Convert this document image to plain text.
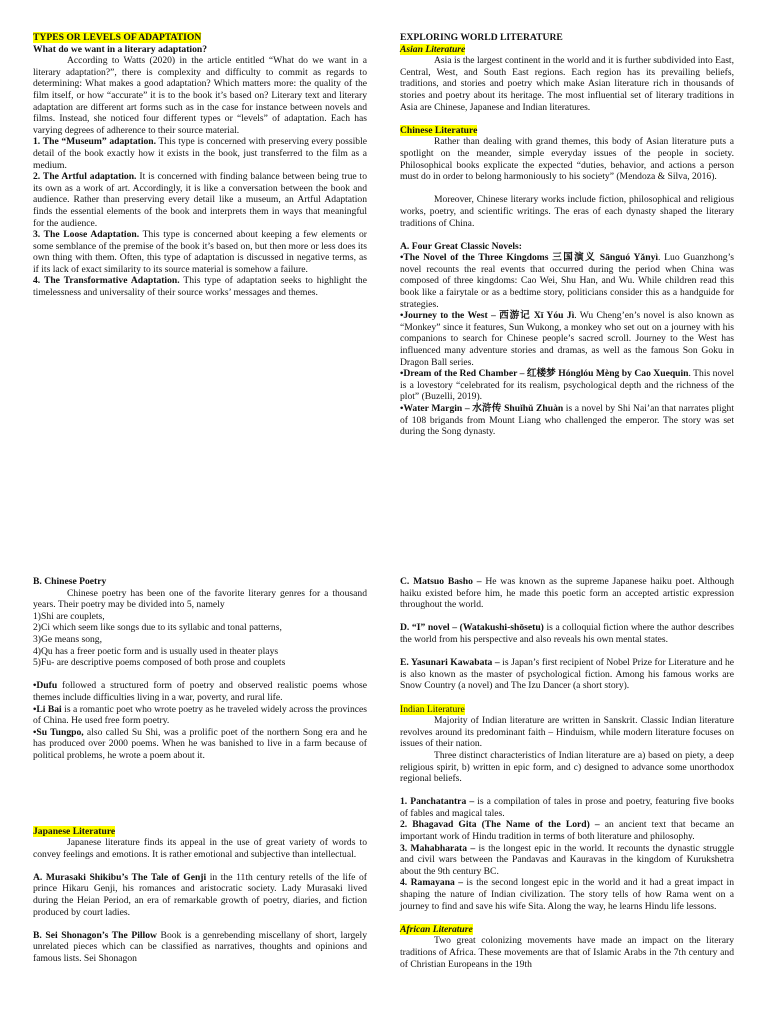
TYPES OR LEVELS OF ADAPTATION

What do we want in a literary adaptation?

According to Watts (2020) in the article entitled “What do we want in a literary adaptation?”, there is complexity and difficulty to commit as regards to determining: What makes a good adaptation? Which matters more: the quality of the film itself, or how “accurate” it is to the book it’s based on? Literary text and literary adaptation are different art forms such as in the case for instance between novels and films. Instead, she noticed four different types or “levels” of adaptation. Each has varying degrees of adherence to their source material.

1. The “Museum” adaptation. This type is concerned with preserving every possible detail of the book exactly how it exists in the book, just transferred to the film as a medium.

2. The Artful adaptation. It is concerned with finding balance between being true to its own as a work of art. Accordingly, it is like a conversation between the book and audience. Rather than preserving every detail like a museum, an Artful Adaptation finds the essential elements of the book and interprets them in ways that meaningful for the audience.

3. The Loose Adaptation. This type is concerned about keeping a few elements or some semblance of the premise of the book it’s based on, but then more or less does its own thing with them. Often, this type of adaptation is discussed in negative terms, as if its lack of exact similarity to its source material is somehow a failure.

4. The Transformative Adaptation. This type of adaptation seeks to highlight the timelessness and universality of their source works’ messages and themes.

EXPLORING WORLD LITERATURE

Asian Literature

Asia is the largest continent in the world and it is further subdivided into East, Central, West, and South East regions. Each region has its prevailing beliefs, traditions, and stories and poetry which make Asian literature rich in thousands of stories and poetry about its heritage. The most influential set of literary traditions in Asia are Chinese, Japanese and Indian literatures.

Chinese Literature

Rather than dealing with grand themes, this body of Asian literature puts a spotlight on the meander, simple everyday issues of the people in society. Philosophical books explicate the expected “duties, behavior, and actions a person must do in order to belong harmoniously to his society” (Mendoza & Silva, 2016).

Moreover, Chinese literary works include fiction, philosophical and religious works, poetry, and scientific writings. The eras of each dynasty shaped the literary traditions of China.

A. Four Great Classic Novels:

• The Novel of the Three Kingdoms 三国演义 Sānguó Yǎnyì. Luo Guanzhong’s novel recounts the real events that occurred during the period when China was composed of three kingdoms: Cao Wei, Shu Han, and Wu. While children read this book like a fairytale or as a bedtime story, politicians consider this as a handguide for strategies.

• Journey to the West – 西游记 Xī Yóu Jì. Wu Cheng’en’s novel is also known as “Monkey” since it features, Sun Wukong, a monkey who set out on a journey with his companions to search for Chinese people’s sacred scroll. Journey to the West has influenced many adventure stories and dramas, as well as the famous Son Goku in Dragon Ball series.

• Dream of the Red Chamber – 红楼梦 Hónglóu Mèng by Cao Xuequin. This novel is a lovestory “celebrated for its realism, psychological depth and the richness of the plot” (Buzelli, 2019).

• Water Margin – 水浒传 Shuǐhǔ Zhuàn is a novel by Shi Nai’an that narrates plight of 108 brigands from Mount Liang who challenged the emperor. The story was set during the Song dynasty.

B. Chinese Poetry

Chinese poetry has been one of the favorite literary genres for a thousand years. Their poetry may be divided into 5, namely

1)Shi are couplets,

2)Ci which seem like songs due to its syllabic and tonal patterns,

3)Ge means song,

4)Qu has a freer poetic form and is usually used in theater plays

5)Fu- are descriptive poems composed of both prose and couplets

• Dufu followed a structured form of poetry and observed realistic poems whose themes include difficulties living in a war, poverty, and rural life.

• Li Bai is a romantic poet who wrote poetry as he traveled widely across the provinces of China. He used free form poetry.

• Su Tungpo, also called Su Shi, was a prolific poet of the northern Song era and he has produced over 2000 poems. When he was banished to live in a farm because of political problems, he wrote a poem about it.

Japanese Literature

Japanese literature finds its appeal in the use of great variety of words to convey feelings and emotions. It is rather emotional and subjective than intellectual.

A. Murasaki Shikibu’s The Tale of Genji in the 11th century retells of the life of prince Hikaru Genji, his romances and aristocratic society. Lady Murasaki lived during the Heian Period, an era of remarkable growth of poetry, diaries, and fiction produced by court ladies.

B. Sei Shonagon’s The Pillow Book is a genrebending miscellany of short, largely unrelated pieces which can be classified as narratives, thoughts and opinions and famous lists. Sei Shonagon

C. Matsuo Basho – He was known as the supreme Japanese haiku poet. Although haiku existed before him, he made this poetic form an accepted artistic expression throughout the world.

D. “I” novel – (Watakushi-shōsetu) is a colloquial fiction where the author describes the world from his perspective and also reveals his own mental states.

E. Yasunari Kawabata – is Japan’s first recipient of Nobel Prize for Literature and he is also known as the master of psychological fiction. Among his famous works are Snow Country (a novel) and The Izu Dancer (a short story).

Indian Literature

Majority of Indian literature are written in Sanskrit. Classic Indian literature revolves around its predominant faith – Hinduism, while modern literature focuses on issues of their nation.

Three distinct characteristics of Indian literature are a) based on piety, a deep religious spirit, b) written in epic form, and c) designed to advance some unorthodox regional beliefs.

1. Panchatantra – is a compilation of tales in prose and poetry, featuring five books of fables and magical tales.

2. Bhagavad Gita (The Name of the Lord) – an ancient text that became an important work of Hindu tradition in terms of both literature and philosophy.

3. Mahabharata – is the longest epic in the world. It recounts the dynastic struggle and civil wars between the Pandavas and Kauravas in the kingdom of Kurukshetra about the 9th century BC.

4. Ramayana – is the second longest epic in the world and it had a great impact in shaping the nature of Indian civilization. The story tells of how Rama went on a journey to find and save his wife Sita. Along the way, he learns Hindu life lessons.

African Literature

Two great colonizing movements have made an impact on the literary traditions of Africa. These movements are that of Islamic Arabs in the 7th century and of Christian Europeans in the 19th
